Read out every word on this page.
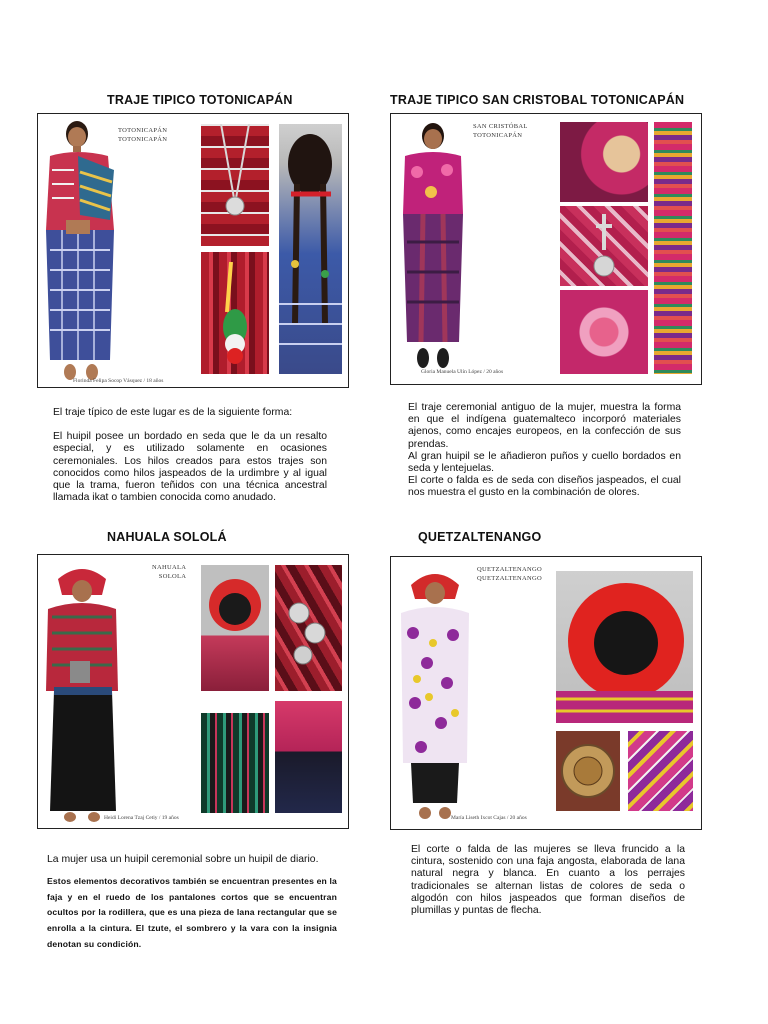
TRAJE TIPICO TOTONICAPÁN
TOTONICAPÁN
TOTONICAPÁN
Florinda Felipa Socop Vásquez / 18 años

El traje típico de este lugar es de la siguiente forma:

El huipil posee un bordado en seda que le da un resalto especial, y es utilizado solamente en ocasiones ceremoniales. Los hilos creados para estos trajes son conocidos como hilos jaspeados de la urdimbre y al igual que la trama, fueron teñidos con una técnica ancestral llamada ikat o tambien conocida como anudado.

TRAJE TIPICO SAN CRISTOBAL TOTONICAPÁN
SAN CRISTÓBAL
TOTONICAPÁN
Gloria Manuela Ulín López / 20 años

El traje ceremonial antiguo de la mujer, muestra la forma en que el indígena guatemalteco incorporó materiales ajenos, como encajes europeos, en la confección de sus prendas.

Al gran huipil se le añadieron puños y cuello bordados en seda y lentejuelas.

El corte o falda es de seda con diseños jaspeados, el cual nos muestra el gusto en la combinación de olores.

NAHUALA SOLOLÁ
NAHUALA
SOLOLA
Heidi Lorena Tzaj Cetiy / 19 años

La mujer usa un huipil ceremonial sobre un huipil de diario.

Estos elementos decorativos también se encuentran presentes en la faja y en el ruedo de los pantalones cortos que se encuentran ocultos por la rodillera, que es una pieza de lana rectangular que se enrolla a la cintura. El tzute, el sombrero y la vara con la insignia denotan su condición.

QUETZALTENANGO
QUETZALTENANGO
QUETZALTENANGO
María Liseth Ixcot Cajas / 20 años

El corte o falda de las mujeres se lleva fruncido a la cintura, sostenido con una faja angosta, elaborada de lana natural negra y blanca. En cuanto a los perrajes tradicionales se alternan listas de colores de seda o algodón con hilos jaspeados que forman diseños de plumillas y puntas de flecha.
